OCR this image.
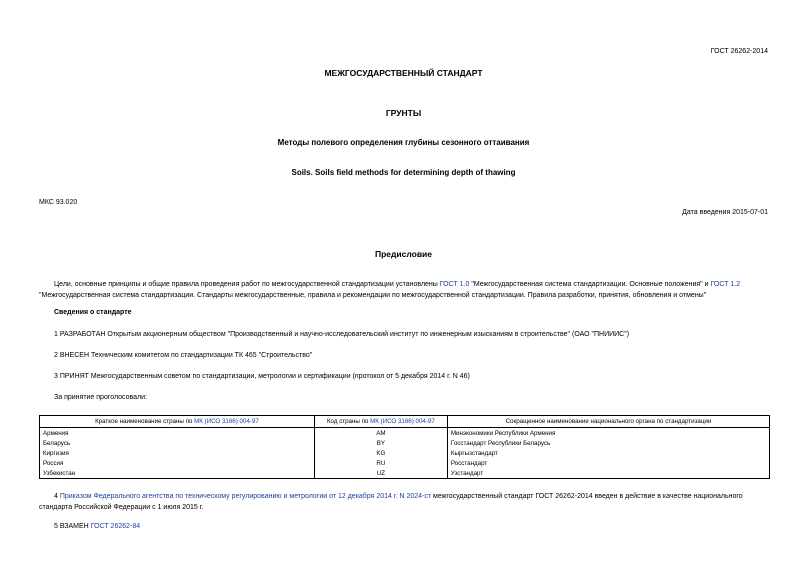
ГОСТ 26262-2014
МЕЖГОСУДАРСТВЕННЫЙ СТАНДАРТ
ГРУНТЫ
Методы полевого определения глубины сезонного оттаивания
Soils. Soils field methods for determining depth of thawing
МКС 93.020
Дата введения 2015-07-01
Предисловие
Цели, основные принципы и общие правила проведения работ по межгосударственной стандартизации установлены ГОСТ 1.0 "Межгосударственная система стандартизации. Основные положения" и ГОСТ 1.2
"Межгосударственная система стандартизации. Стандарты межгосударственные, правила и рекомендации по межгосударственной стандартизации. Правила разработки, принятия, обновления и отмены"
Сведения о стандарте
1 РАЗРАБОТАН Открытым акционерным обществом "Производственный и научно-исследовательский институт по инженерным изысканиям в строительстве" (ОАО "ПНИИИС")
2 ВНЕСЕН Техническим комитетом по стандартизации ТК 465 "Строительство"
3 ПРИНЯТ Межгосударственным советом по стандартизации, метрологии и сертификации (протокол от 5 декабря 2014 г. N 46)
За принятие проголосовали:
Краткое наименование страны по МК (ИСО 3166) 004-97	Код страны по МК (ИСО 3166) 004-97	Сокращенное наименование национального органа по стандартизации
Армения	AM	Минэкономики Республики Армения
Беларусь	BY	Госстандарт Республики Беларусь
Киргизия	KG	Кыргызстандарт
Россия	RU	Росстандарт
Узбекистан	UZ	Узстандарт
4 Приказом Федерального агентства по техническому регулированию и метрологии от 12 декабря 2014 г. N 2024-ст межгосударственный стандарт ГОСТ 26262-2014 введен в действие в качестве национального стандарта Российской Федерации с 1 июля 2015 г.
5 ВЗАМЕН ГОСТ 26262-84
